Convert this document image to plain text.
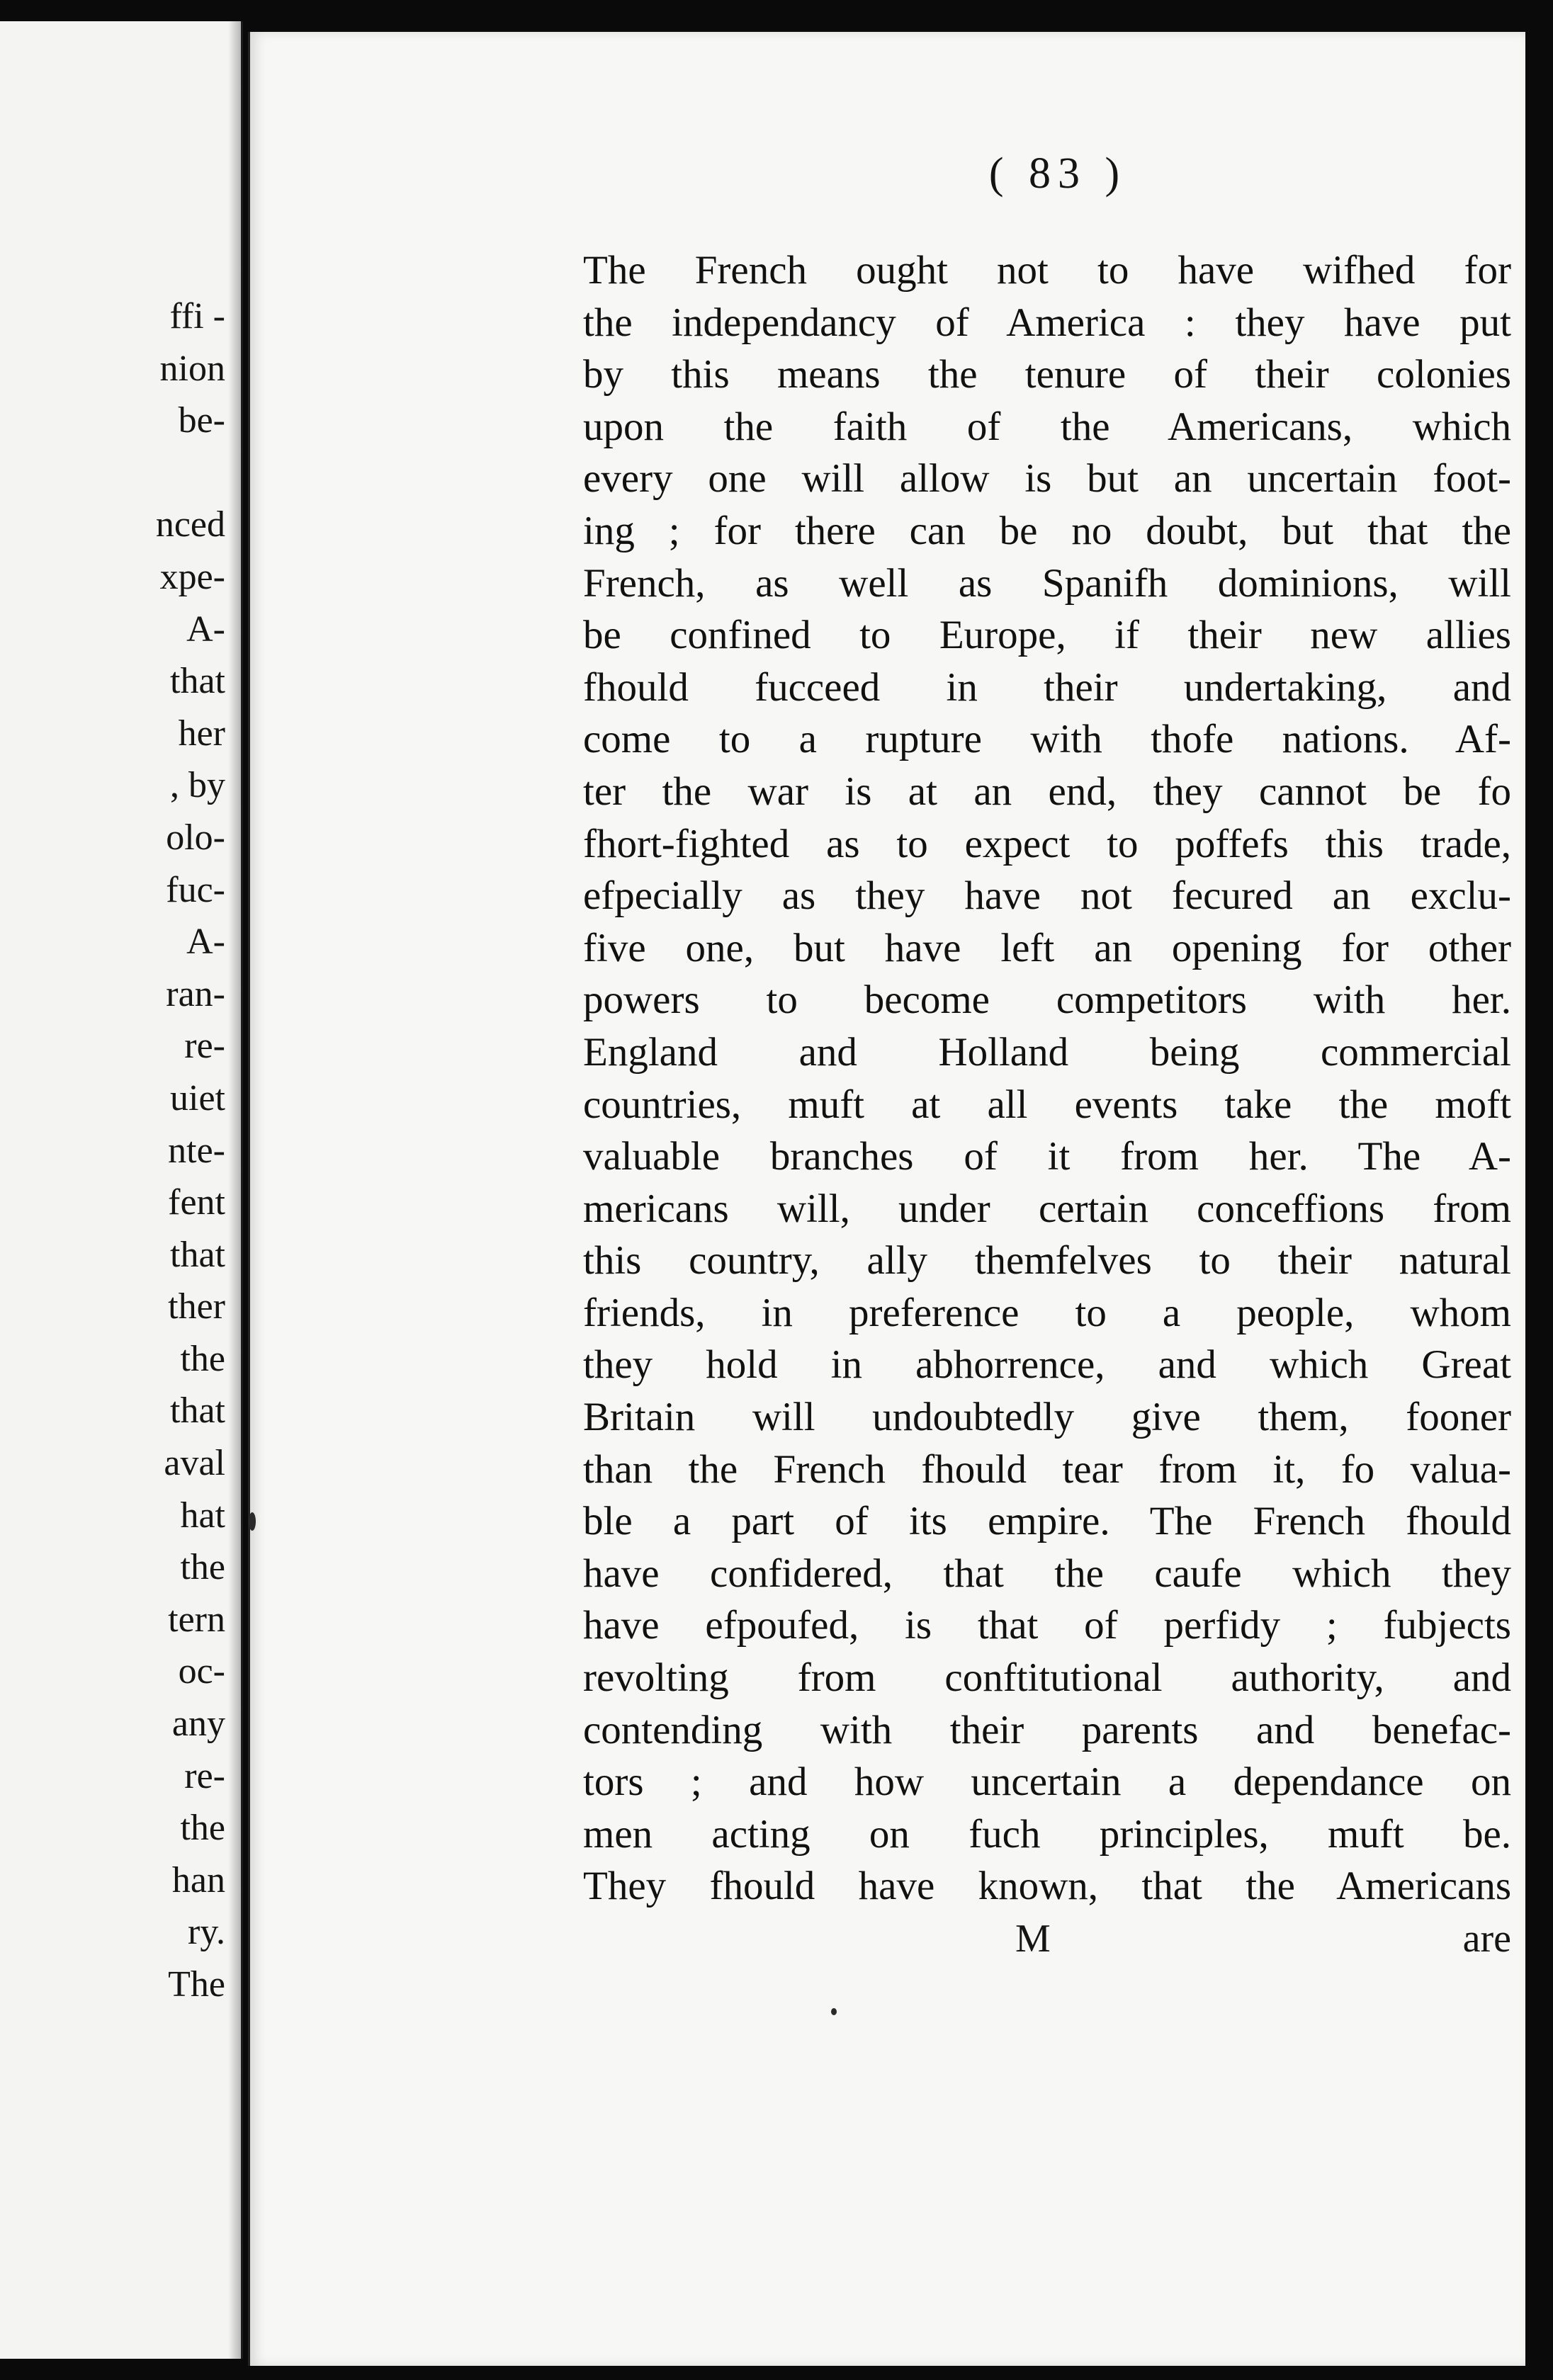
ffi -
nion
be-
nced
xpe-
A-
that
her
, by
olo-
fuc-
A-
ran-
re-
uiet
nte-
fent
that
ther
the
that
aval
hat
the
tern
oc-
any
re-
the
han
ry.
The
( 83 )
The French ought not to have wifhed for
the independancy of America : they have put
by this means the tenure of their colonies
upon the faith of the Americans, which
every one will allow is but an uncertain foot-
ing ; for there can be no doubt, but that the
French, as well as Spanifh dominions, will
be confined to Europe, if their new allies
fhould fucceed in their undertaking, and
come to a rupture with thofe nations. Af-
ter the war is at an end, they cannot be fo
fhort-fighted as to expect to poffefs this trade,
efpecially as they have not fecured an exclu-
five one, but have left an opening for other
powers to become competitors with her.
England and Holland being commercial
countries, muft at all events take the moft
valuable branches of it from her. The A-
mericans will, under certain conceffions from
this country, ally themfelves to their natural
friends, in preference to a people, whom
they hold in abhorrence, and which Great
Britain will undoubtedly give them, fooner
than the French fhould tear from it, fo valua-
ble a part of its empire. The French fhould
have confidered, that the caufe which they
have efpoufed, is that of perfidy ; fubjects
revolting from conftitutional authority, and
contending with their parents and benefac-
tors ; and how uncertain a dependance on
men acting on fuch principles, muft be.
They fhould have known, that the Americans
M	are
